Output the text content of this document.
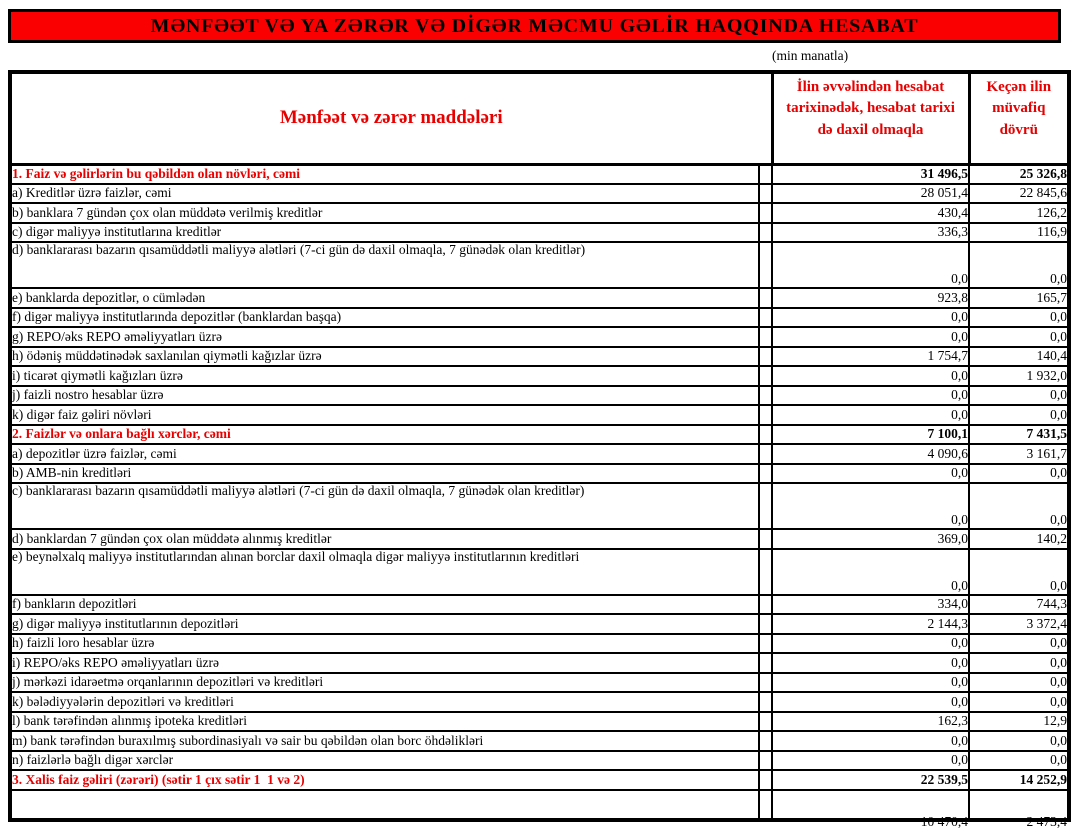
MƏNFƏƏT VƏ YA ZƏRƏR VƏ DİGƏR MƏCMU GƏLİR HAQQINDA HESABAT
(min manatla)
Mənfəət və zərər maddələri		İlin əvvəlindən hesabat tarixinədək, hesabat tarixi də daxil olmaqla	Keçən ilin müvafiq dövrü
1. Faiz və gəlirlərin bu qəbildən olan növləri, cəmi		31 496,5	25 326,8
a) Kreditlər üzrə faizlər, cəmi		28 051,4	22 845,6
b) banklara 7 gündən çox olan müddətə verilmiş kreditlər		430,4	126,2
c) digər maliyyə institutlarına kreditlər		336,3	116,9
d) banklararası bazarın qısamüddətli maliyyə alətləri (7-ci gün də daxil olmaqla, 7 günədək olan kreditlər)		0,0	0,0
e) banklarda depozitlər, o cümlədən		923,8	165,7
f) digər maliyyə institutlarında depozitlər (banklardan başqa)		0,0	0,0
g) REPO/əks REPO əməliyyatları üzrə		0,0	0,0
h) ödəniş müddətinədək saxlanılan qiymətli kağızlar üzrə		1 754,7	140,4
i) ticarət qiymətli kağızları üzrə		0,0	1 932,0
j) faizli nostro hesablar üzrə		0,0	0,0
k) digər faiz gəliri növləri		0,0	0,0
2. Faizlər və onlara bağlı xərclər, cəmi		7 100,1	7 431,5
a) depozitlər üzrə faizlər, cəmi		4 090,6	3 161,7
b) AMB-nin kreditləri		0,0	0,0
c) banklararası bazarın qısamüddətli maliyyə alətləri (7-ci gün də daxil olmaqla, 7 günədək olan kreditlər)		0,0	0,0
d) banklardan 7 gündən çox olan müddətə alınmış kreditlər		369,0	140,2
e) beynəlxalq maliyyə institutlarından alınan borclar daxil olmaqla digər maliyyə institutlarının kreditləri		0,0	0,0
f) bankların depozitləri		334,0	744,3
g) digər maliyyə institutlarının depozitləri		2 144,3	3 372,4
h) faizli loro hesablar üzrə		0,0	0,0
i) REPO/əks REPO əməliyyatları üzrə		0,0	0,0
j) mərkəzi idarəetmə orqanlarının depozitləri və kreditləri		0,0	0,0
k) bələdiyyələrin depozitləri və kreditləri		0,0	0,0
l) bank tərəfindən alınmış ipoteka kreditləri		162,3	12,9
m) bank tərəfindən buraxılmış subordinasiyalı və sair bu qəbildən olan borc öhdəlikləri		0,0	0,0
n) faizlərlə bağlı digər xərclər		0,0	0,0
3. Xalis faiz gəliri (zərəri) (sətir 1 çıx sətir 1  1 və 2)		22 539,5	14 252,9
		10 470,4	2 473,4
